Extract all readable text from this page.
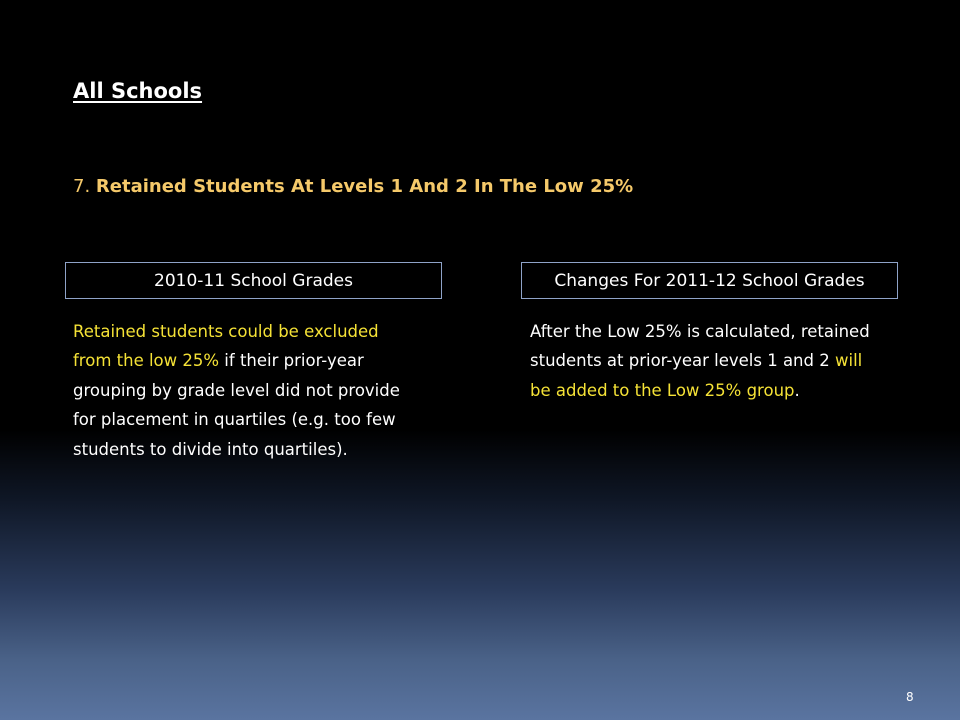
All Schools

7. Retained Students At Levels 1 And 2 In The Low 25%

2010-11 School Grades	Changes For 2011-12 School Grades

Retained students could be excluded from the low 25% if their prior-year grouping by grade level did not provide for placement in quartiles (e.g. too few students to divide into quartiles).

After the Low 25% is calculated, retained students at prior-year levels 1 and 2 will be added to the Low 25% group.

8
